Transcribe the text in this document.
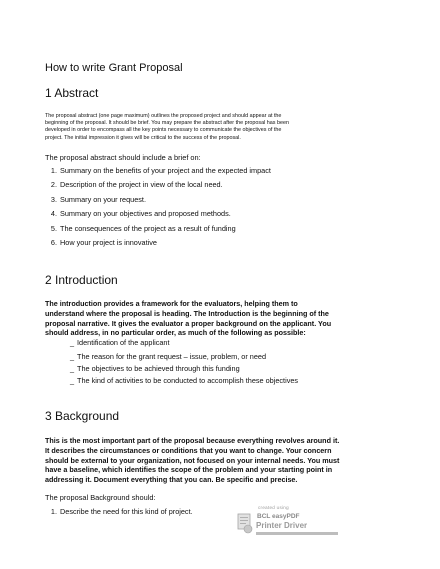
How to write Grant Proposal
1 Abstract
The proposal abstract (one page maximum) outlines the proposed project and should appear at the
beginning of the proposal. It should be brief. You may prepare the abstract after the proposal has been
developed in order to encompass all the key points necessary to communicate the objectives of the
project. The initial impression it gives will be critical to the success of the proposal.

The proposal abstract should include a brief on:

1. Summary on the benefits of your project and the expected impact
2. Description of the project in view of the local need.
3. Summary on your request.
4. Summary on your objectives and proposed methods.
5. The consequences of the project as a result of funding
6. How your project is innovative
2 Introduction
The introduction provides a framework for the evaluators, helping them to
understand where the proposal is heading. The Introduction is the beginning of the
proposal narrative. It gives the evaluator a proper background on the applicant. You
should address, in no particular order, as much of the following as possible:
_ Identification of the applicant
_ The reason for the grant request – issue, problem, or need
_ The objectives to be achieved through this funding
_ The kind of activities to be conducted to accomplish these objectives
3 Background
This is the most important part of the proposal because everything revolves around it.
It describes the circumstances or conditions that you want to change. Your concern
should be external to your organization, not focused on your internal needs. You must
have a baseline, which identifies the scope of the problem and your starting point in
addressing it. Document everything that you can. Be specific and precise.

The proposal Background should:

1. Describe the need for this kind of project.	created using
BCL easyPDF
Printer Driver
